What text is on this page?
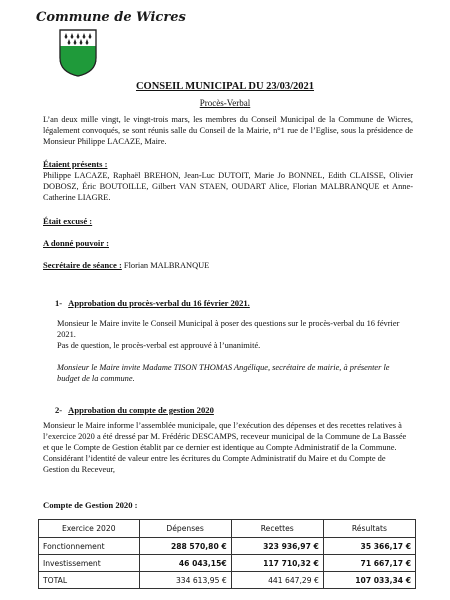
Commune de Wicres
CONSEIL MUNICIPAL DU 23/03/2021
Procès-Verbal
L’an deux mille vingt, le vingt-trois mars, les membres du Conseil Municipal de la Commune de Wicres, légalement convoqués, se sont réunis salle du Conseil de la Mairie, n°1 rue de l’Eglise, sous la présidence de Monsieur Philippe LACAZE, Maire.
Étaient présents :
Philippe LACAZE, Raphaël BREHON, Jean-Luc DUTOIT, Marie Jo BONNEL, Edith CLAISSE, Olivier DOBOSZ, Éric BOUTOILLE, Gilbert VAN STAEN, OUDART Alice, Florian MALBRANQUE et Anne-Catherine LIAGRE.
Était excusé :
A donné pouvoir :
Secrétaire de séance : Florian MALBRANQUE
1- Approbation du procès-verbal du 16 février 2021.
Monsieur le Maire invite le Conseil Municipal à poser des questions sur le procès-verbal du 16 février 2021.
Pas de question, le procès-verbal est approuvé à l’unanimité.
Monsieur le Maire invite Madame TISON THOMAS Angélique, secrétaire de mairie, à présenter le budget de la commune.
2- Approbation du compte de gestion 2020
Monsieur le Maire informe l’assemblée municipale, que l’exécution des dépenses et des recettes relatives à l’exercice 2020 a été dressé par M. Frédéric DESCAMPS, receveur municipal de la Commune de La Bassée et que le Compte de Gestion établit par ce dernier est identique au Compte Administratif de la Commune.
Considérant l’identité de valeur entre les écritures du Compte Administratif du Maire et du Compte de Gestion du Receveur,
Compte de Gestion 2020 :
Exercice 2020	Dépenses	Recettes	Résultats
Fonctionnement	288 570,80 €	323 936,97 €	35 366,17 €
Investissement	46 043,15€	117 710,32 €	71 667,17 €
TOTAL	334 613,95 €	441 647,29 €	107 033,34 €
